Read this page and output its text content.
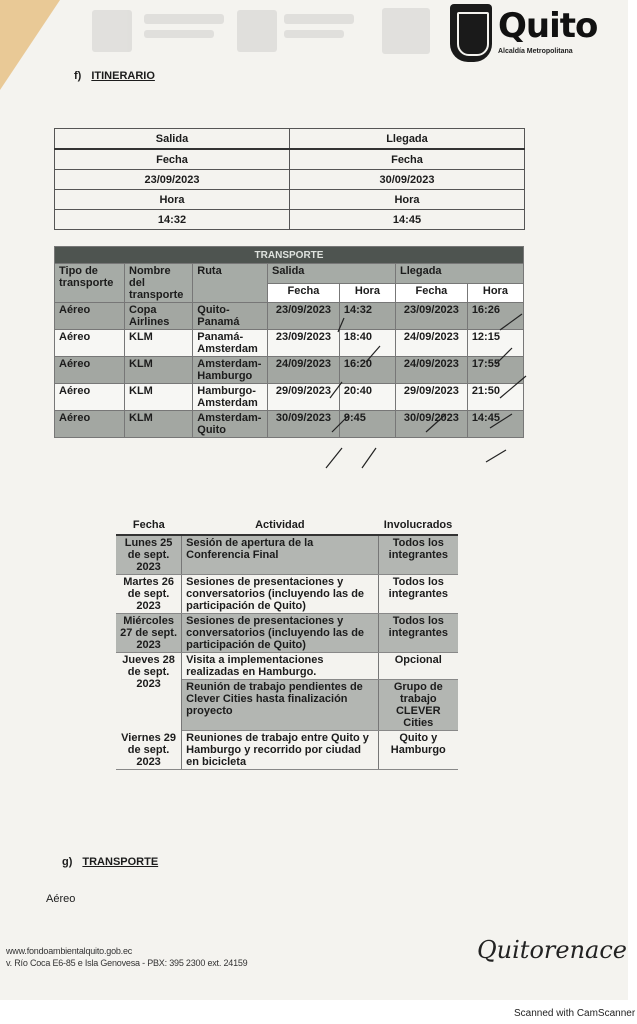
Quito
Alcaldía Metropolitana
f) ITINERARIO
Salida	Llegada
Fecha	Fecha
23/09/2023	30/09/2023
Hora	Hora
14:32	14:45
TRANSPORTE						
Tipo de transporte	Nombre del transporte	Ruta	Salida		Llegada	
			Fecha	Hora	Fecha	Hora
Aéreo	Copa Airlines	Quito-Panamá	23/09/2023	14:32	23/09/2023	16:26
Aéreo	KLM	Panamá-Amsterdam	23/09/2023	18:40	24/09/2023	12:15
Aéreo	KLM	Amsterdam-Hamburgo	24/09/2023	16:20	24/09/2023	17:55
Aéreo	KLM	Hamburgo-Amsterdam	29/09/2023	20:40	29/09/2023	21:50
Aéreo	KLM	Amsterdam-Quito	30/09/2023	9:45	30/09/2023	14:45

Fecha	Actividad	Involucrados
Lunes 25 de sept. 2023	Sesión de apertura de la Conferencia Final	Todos los integrantes
Martes 26 de sept. 2023	Sesiones de presentaciones y conversatorios (incluyendo las de participación de Quito)	Todos los integrantes
Miércoles 27 de sept. 2023	Sesiones de presentaciones y conversatorios (incluyendo las de participación de Quito)	Todos los integrantes
Jueves 28 de sept. 2023	Visita a implementaciones realizadas en Hamburgo.	Opcional
	Reunión de trabajo pendientes de Clever Cities hasta finalización proyecto	Grupo de trabajo CLEVER Cities
Viernes 29 de sept. 2023	Reuniones de trabajo entre Quito y Hamburgo y recorrido por ciudad en bicicleta	Quito y Hamburgo
g) TRANSPORTE
Aéreo
www.fondoambientalquito.gob.ec
v. Río Coca E6-85 e Isla Genovesa - PBX: 395 2300 ext. 24159	Quitorenace
Scanned with CamScanner
